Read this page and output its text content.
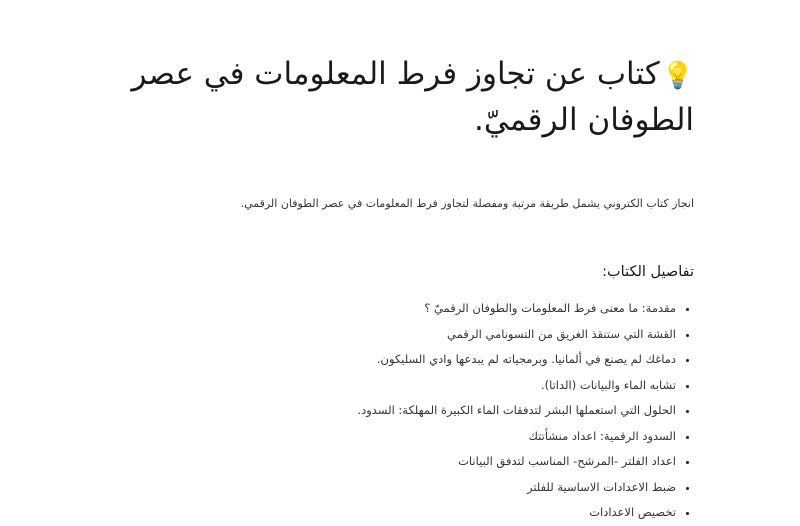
💡كتاب عن تجاوز فرط المعلومات في عصر الطوفان الرقميّ.

انجاز كتاب الكتروني يشمل طريقة مرتبة ومفصلة لتجاوز فرط المعلومات في عصر الطوفان الرقمي.

تفاصيل الكتاب:
• مقدمة: ما معنى فرط المعلومات والطوفان الرقميّ ؟
• القشة التي ستنقذ الغريق من التسونامي الرقمي
• دماغك لم يصنع في ألمانيا. وبرمجياته لم يبدعها وادي السليكون.
• تشابه الماء والبيانات (الداتا).
• الحلول التي استعملها البشر لتدفقات الماء الكبيرة المهلكة: السدود.
• السدود الرقمية: اعداد منشأتتك
• اعداد الفلتر -المرشح- المناسب لتدفق البيانات
• ضبط الاعدادات الاساسية للفلتر
• تخصيص الاعدادات
